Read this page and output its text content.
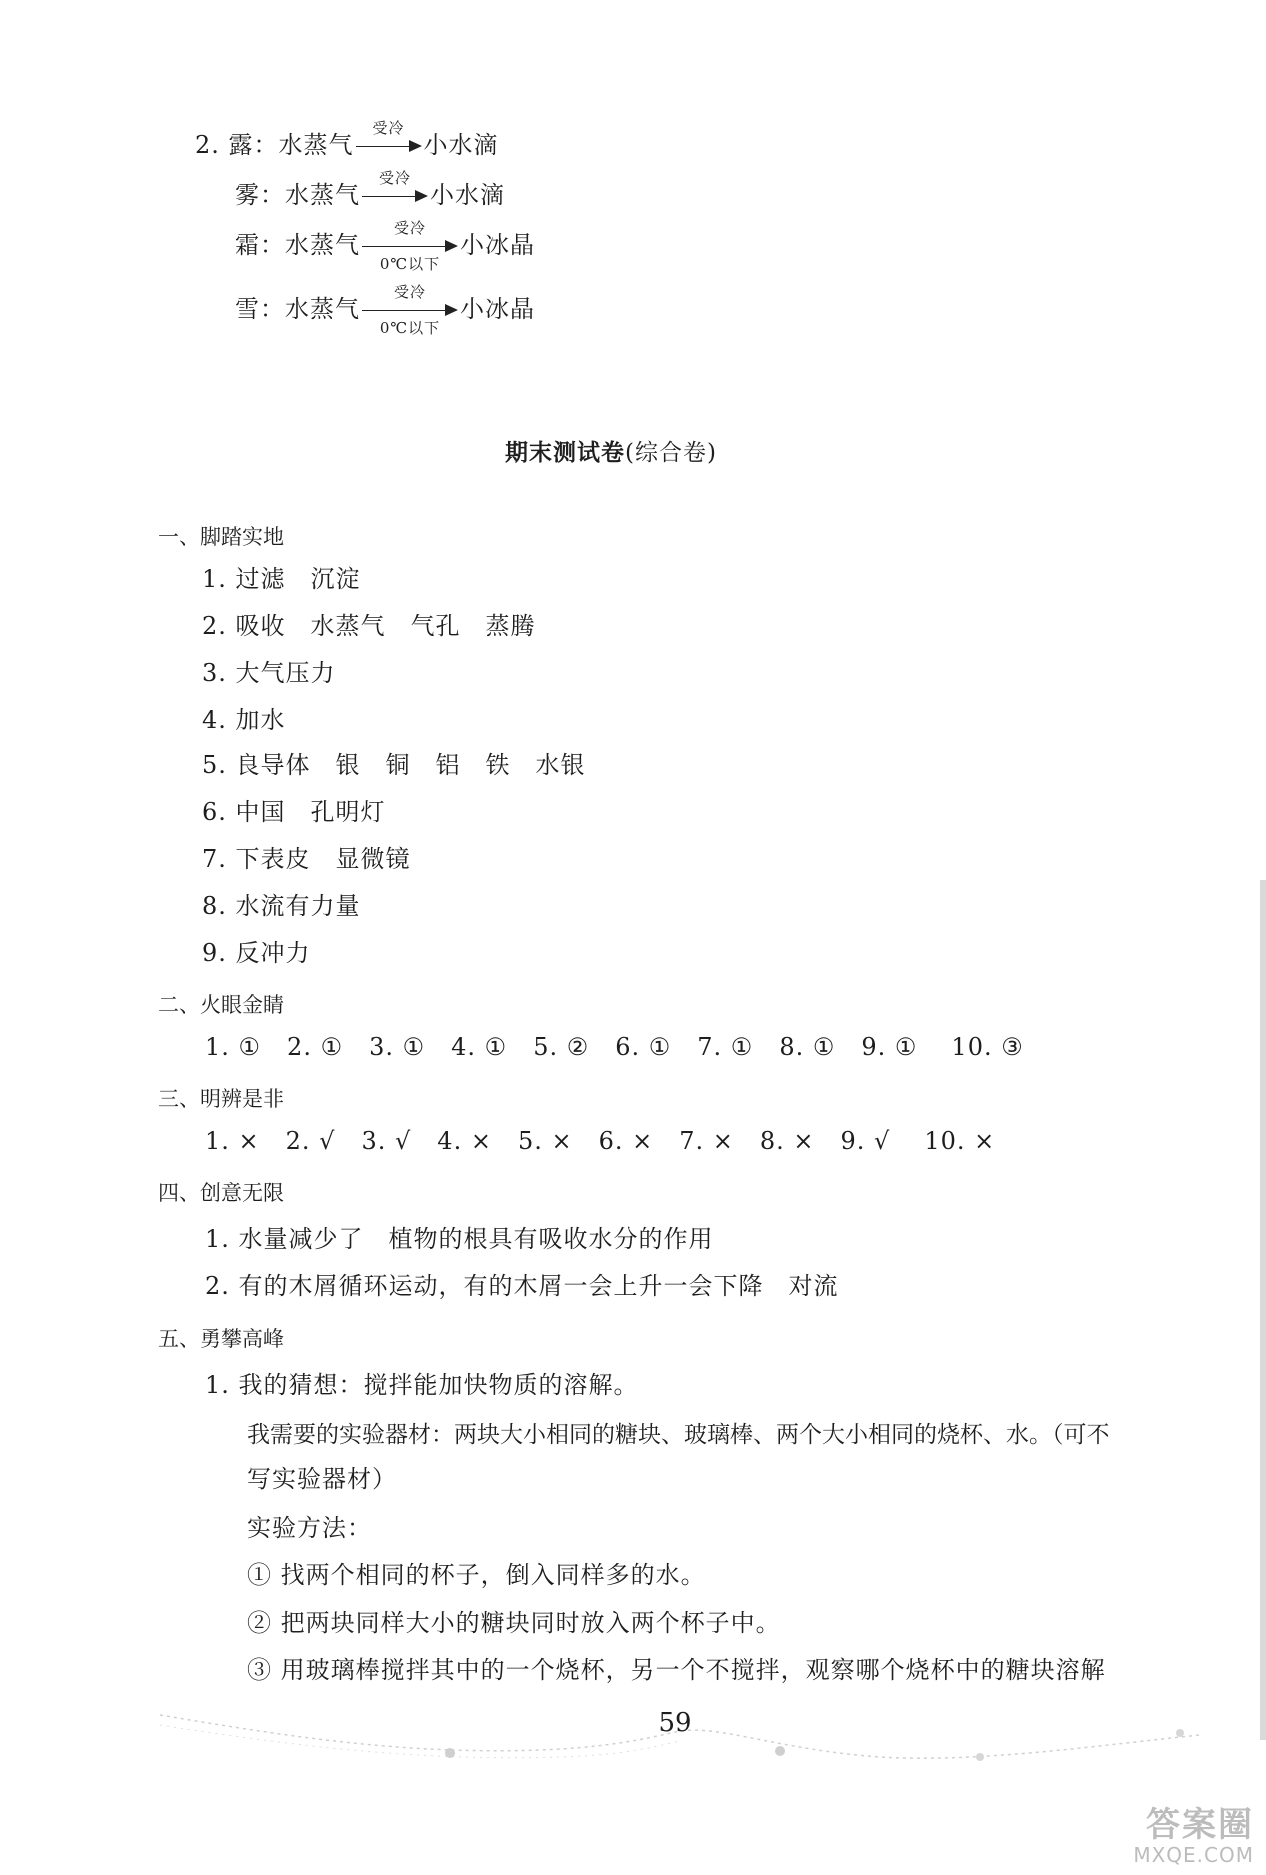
2. 露：水蒸气
受冷
小水滴
雾：水蒸气
受冷
小水滴
霜：水蒸气
受冷
0℃以下
小冰晶
雪：水蒸气
受冷
0℃以下
小冰晶
期末测试卷(综合卷)
一、脚踏实地
1. 过滤　沉淀
2. 吸收　水蒸气　气孔　蒸腾
3. 大气压力
4. 加水
5. 良导体　银　铜　铝　铁　水银
6. 中国　孔明灯
7. 下表皮　显微镜
8. 水流有力量
9. 反冲力
二、火眼金睛
1. ① 2. ① 3. ① 4. ① 5. ② 6. ① 7. ① 8. ① 9. ① 10. ③
三、明辨是非
1. × 2. √ 3. √ 4. × 5. × 6. × 7. × 8. × 9. √ 10. ×
四、创意无限
1. 水量减少了　植物的根具有吸收水分的作用
2. 有的木屑循环运动，有的木屑一会上升一会下降　对流
五、勇攀高峰
1. 我的猜想：搅拌能加快物质的溶解。
我需要的实验器材：两块大小相同的糖块、玻璃棒、两个大小相同的烧杯、水。（可不
写实验器材）
实验方法：
① 找两个相同的杯子，倒入同样多的水。
② 把两块同样大小的糖块同时放入两个杯子中。
③ 用玻璃棒搅拌其中的一个烧杯，另一个不搅拌，观察哪个烧杯中的糖块溶解
59
答案圈
MXQE.COM
